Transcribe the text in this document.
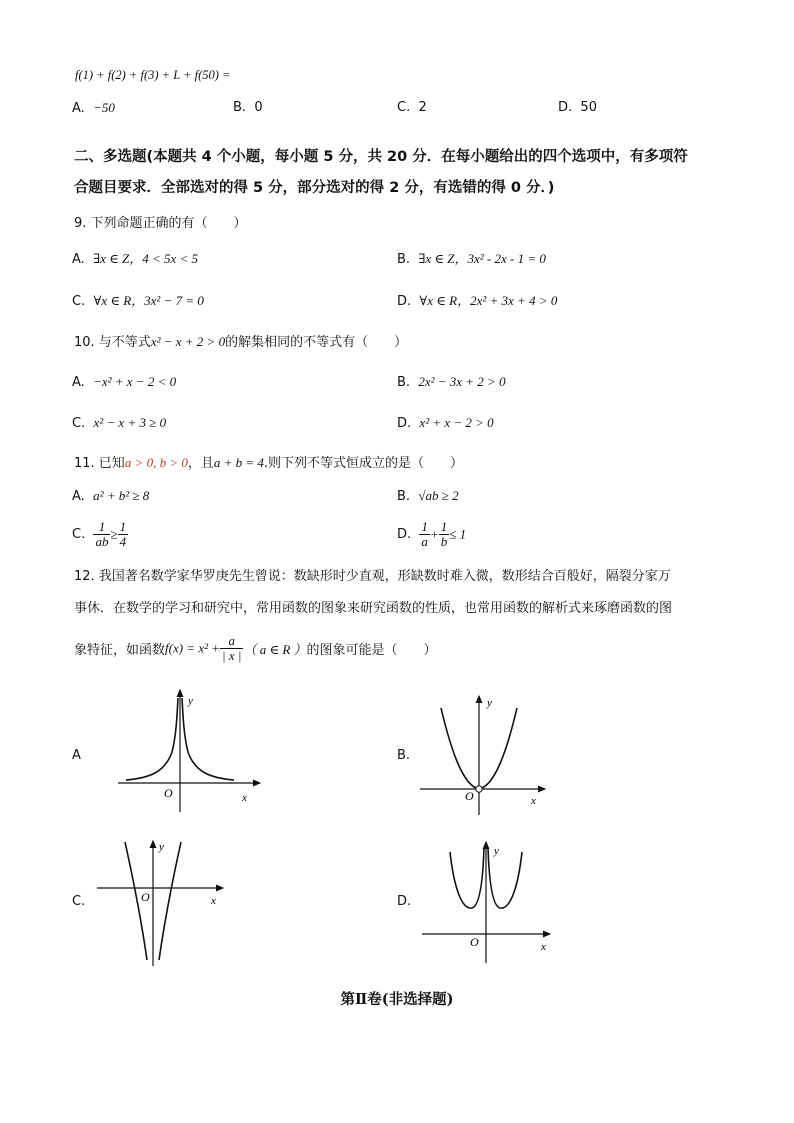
f(1) + f(2) + f(3) + L + f(50) =
A. −50	B. 0	C. 2	D. 50
二、多选题(本题共 4 个小题，每小题 5 分，共 20 分．在每小题给出的四个选项中，有多项符
合题目要求．全部选对的得 5 分，部分选对的得 2 分，有选错的得 0 分．)
9. 下列命题正确的有（　　）
A. ∃x ∈ Z，4 < 5x < 5	B. ∃x ∈ Z，3x² - 2x - 1 = 0
C. ∀x ∈ R，3x² − 7 = 0	D. ∀x ∈ R，2x² + 3x + 4 > 0
10. 与不等式x² − x + 2 > 0的解集相同的不等式有（　　）
A. −x² + x − 2 < 0	B. 2x² − 3x + 2 > 0
C. x² − x + 3 ≥ 0	D. x² + x − 2 > 0
11. 已知a > 0, b > 0，且a + b = 4.则下列不等式恒成立的是（　　）
A. a² + b² ≥ 8	B. √ab ≥ 2
C. $\frac{1}{ab} \ge \frac{1}{4}$	D. $\frac{1}{a} + \frac{1}{b} \le 1$
12. 我国著名数学家华罗庚先生曾说：数缺形时少直观，形缺数时难入微，数形结合百般好，隔裂分家万
事休．在数学的学习和研究中，常用函数的图象来研究函数的性质，也常用函数的解析式来琢磨函数的图
象特征，如函数$f(x) = x^2 + \frac{a}{| x |}$ （ a ∈ R ）的图象可能是（　　）
A	B.
C.	D.
y
x
O
y
x
O
y
x
O
y
x
O
第Ⅱ卷(非选择题)
